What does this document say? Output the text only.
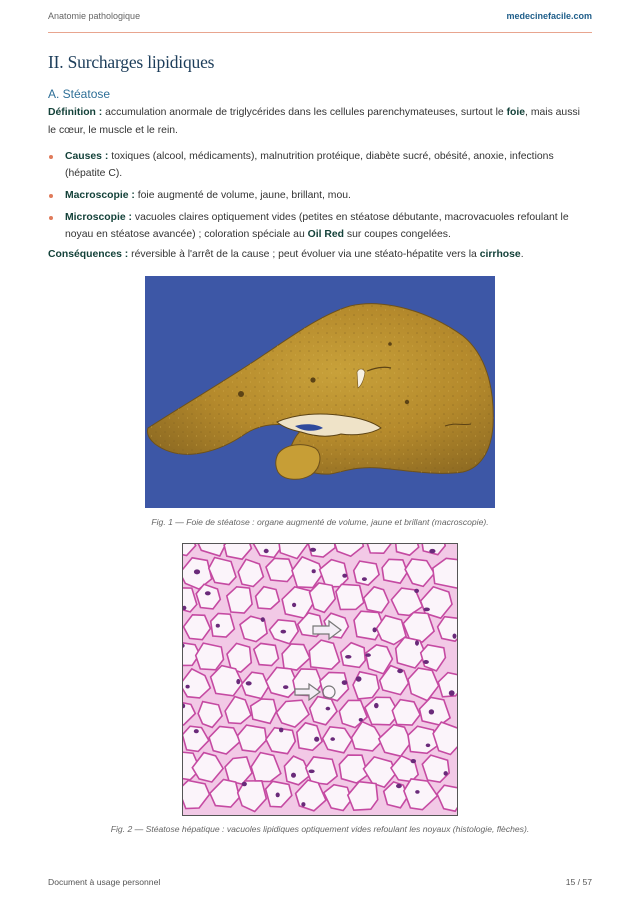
Anatomie pathologique	medecinefacile.com
II. Surcharges lipidiques
A. Stéatose

Définition : accumulation anormale de triglycérides dans les cellules parenchymateuses, surtout le foie, mais aussi le cœur, le muscle et le rein.

Causes : toxiques (alcool, médicaments), malnutrition protéique, diabète sucré, obésité, anoxie, infections (hépatite C).
Macroscopie : foie augmenté de volume, jaune, brillant, mou.
Microscopie : vacuoles claires optiquement vides (petites en stéatose débutante, macrovacuoles refoulant le noyau en stéatose avancée) ; coloration spéciale au Oil Red sur coupes congelées.

Conséquences : réversible à l'arrêt de la cause ; peut évoluer via une stéato-hépatite vers la cirrhose.

Fig. 1 — Foie de stéatose : organe augmenté de volume, jaune et brillant (macroscopie).
Fig. 2 — Stéatose hépatique : vacuoles lipidiques optiquement vides refoulant les noyaux (histologie, flèches).
Document à usage personnel	15 / 57
